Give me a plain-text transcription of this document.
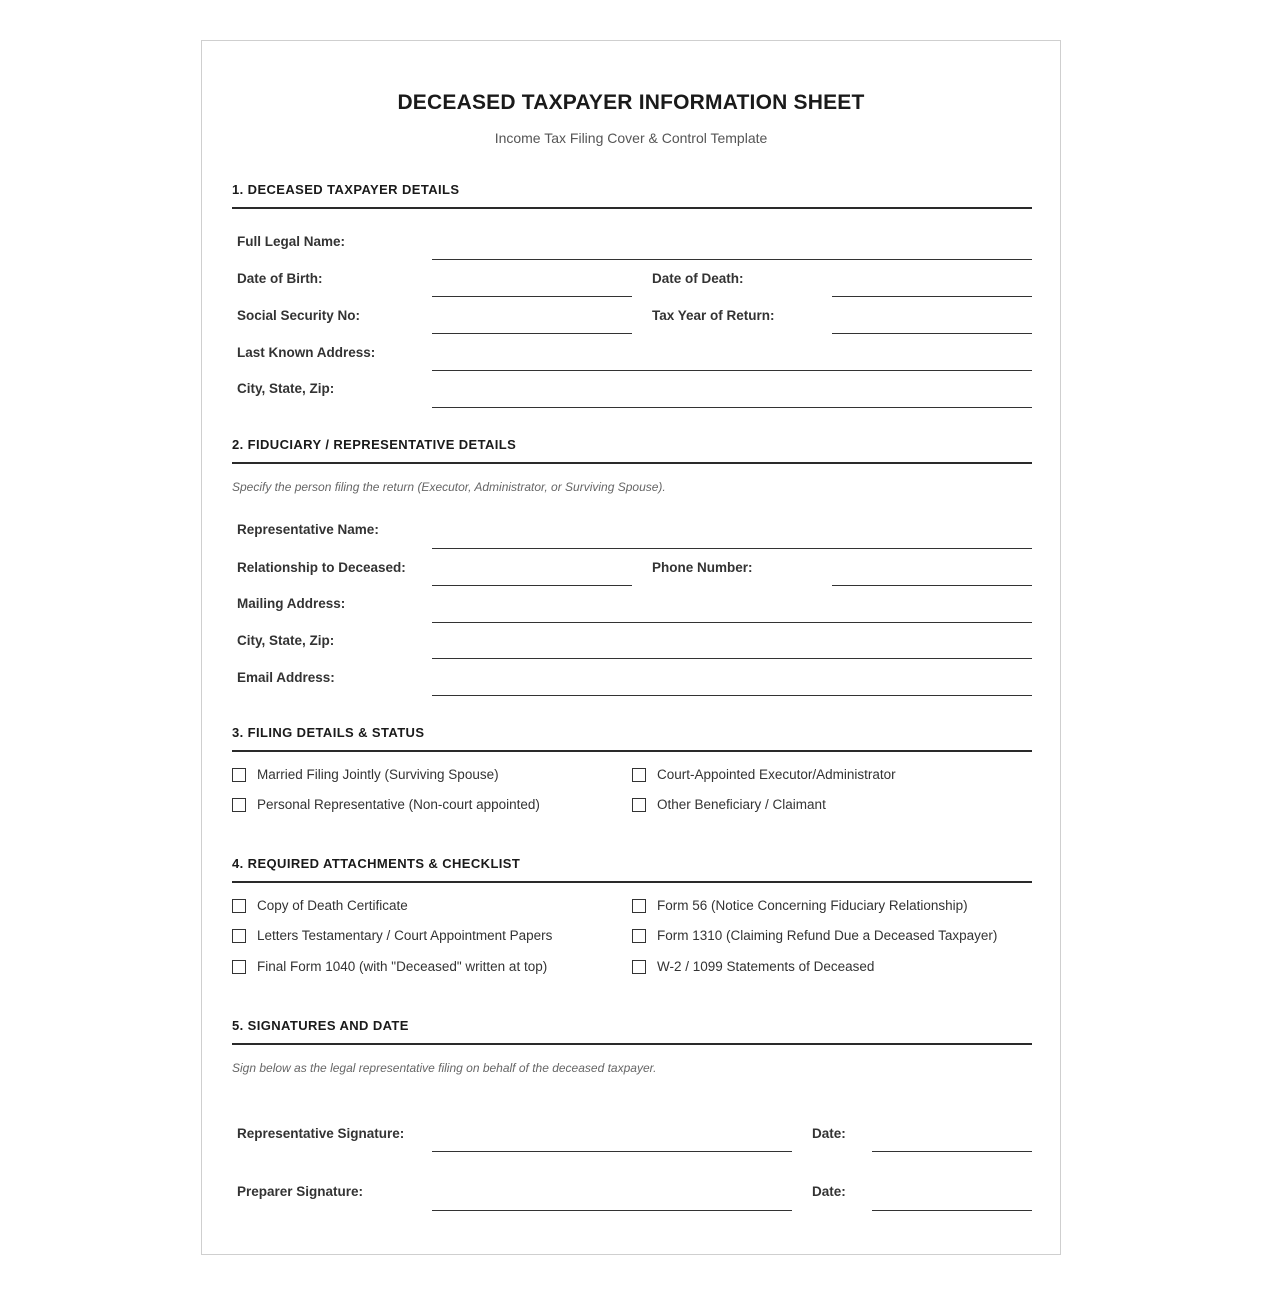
DECEASED TAXPAYER INFORMATION SHEET
Income Tax Filing Cover & Control Template
1. DECEASED TAXPAYER DETAILS
Full Legal Name:
Date of Birth:	Date of Death:
Social Security No:	Tax Year of Return:
Last Known Address:
City, State, Zip:
2. FIDUCIARY / REPRESENTATIVE DETAILS
Specify the person filing the return (Executor, Administrator, or Surviving Spouse).
Representative Name:
Relationship to Deceased:	Phone Number:
Mailing Address:
City, State, Zip:
Email Address:
3. FILING DETAILS & STATUS
Married Filing Jointly (Surviving Spouse)	Court-Appointed Executor/Administrator
Personal Representative (Non-court appointed)	Other Beneficiary / Claimant
4. REQUIRED ATTACHMENTS & CHECKLIST
Copy of Death Certificate	Form 56 (Notice Concerning Fiduciary Relationship)
Letters Testamentary / Court Appointment Papers	Form 1310 (Claiming Refund Due a Deceased Taxpayer)
Final Form 1040 (with "Deceased" written at top)	W-2 / 1099 Statements of Deceased
5. SIGNATURES AND DATE
Sign below as the legal representative filing on behalf of the deceased taxpayer.
Representative Signature:	Date:
Preparer Signature:	Date:
